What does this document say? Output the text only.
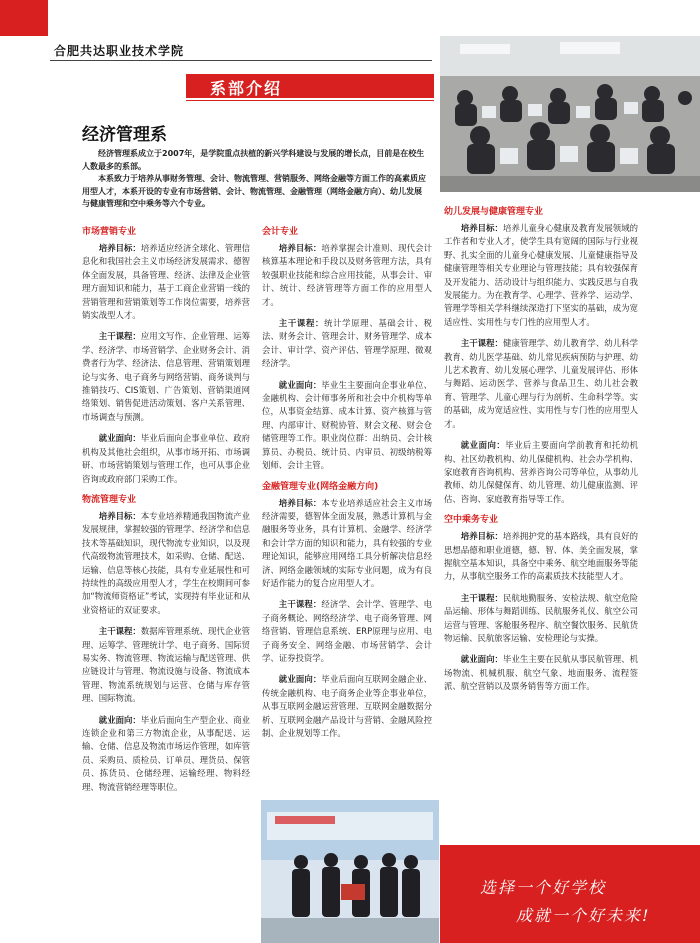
合肥共达职业技术学院
系部介绍
经济管理系

经济管理系成立于2007年，是学院重点扶植的新兴学科建设与发展的增长点，目前是在校生人数最多的系部。

本系致力于培养从事财务管理、会计、物流管理、营销服务、网络金融等方面工作的高素质应用型人才，本系开设的专业有市场营销、会计、物流管理、金融管理（网络金融方向）、幼儿发展与健康管理和空中乘务等六个专业。

市场营销专业

培养目标：培养适应经济全球化、管理信息化和我国社会主义市场经济发展需求、德智体全面发展，具备管理、经济、法律及企业管理方面知识和能力，基于工商企业营销一线的营销管理和营销策划等工作岗位需要，培养营销实战型人才。

主干课程：应用文写作、企业管理、运筹学、经济学、市场营销学、企业财务会计、消费者行为学、经济法、信息管理、营销策划理论与实务、电子商务与网络营销、商务谈判与推销技巧、CIS策划、广告策划、营销渠道网络策划、销售促进活动策划、客户关系管理、市场调查与预测。

就业面向：毕业后面向企事业单位、政府机构及其他社会组织，从事市场开拓、市场调研、市场营销策划与管理工作，也可从事企业咨询或政府部门采购工作。

物流管理专业

培养目标：本专业培养精通我国物流产业发展规律，掌握较强的管理学、经济学和信息技术等基础知识，现代物流专业知识，以及现代高级物流管理技术，如采购、仓储、配送、运输、信息等核心技能，具有专业延展性和可持续性的高级应用型人才，学生在校期间可参加“物流师资格证”考试，实现持有毕业证和从业资格证的双证要求。

主干课程：数据库管理系统、现代企业管理、运筹学、管理统计学、电子商务、国际贸易实务、物流管理、物流运输与配送管理、供应链设计与管理、物流设施与设备、物流成本管理、物流系统规划与运营、仓储与库存管理、国际物流。

就业面向：毕业后面向生产型企业、商业连锁企业和第三方物流企业，从事配送、运输、仓储、信息及物流市场运作管理，如库管员、采购员、质检员、订单员、理货员、保管员、拣货员、仓储经理、运输经理、物料经理、物流营销经理等职位。

会计专业

培养目标：培养掌握会计准则、现代会计核算基本理论和手段以及财务管理方法，具有较强职业技能和综合应用技能，从事会计、审计、统计、经济管理等方面工作的应用型人才。

主干课程：统计学原理、基础会计、税法、财务会计、管理会计、财务管理学、成本会计、审计学、资产评估、管理学原理、微观经济学。

就业面向：毕业生主要面向企事业单位、金融机构、会计师事务所和社会中介机构等单位，从事资金结算、成本计算、资产核算与管理、内部审计、财税协管、财会文秘、财会仓储管理等工作。职业岗位群：出纳员、会计核算员、办税员、统计员、内审员、初级纳税筹划师、会计主管。

金融管理专业(网络金融方向)

培养目标：本专业培养适应社会主义市场经济需要，德智体全面发展，熟悉计算机与金融服务等业务，具有计算机、金融学、经济学和会计学方面的知识和能力，具有较强的专业理论知识，能够应用网络工具分析解决信息经济、网络金融领域的实际专业问题，成为有良好适作能力的复合应用型人才。

主干课程：经济学、会计学、管理学、电子商务概论、网络经济学、电子商务管理、网络营销、管理信息系统、ERP原理与应用、电子商务安全、网络金融、市场营销学、会计学、证券投资学。

就业面向：毕业后面向互联网金融企业、传统金融机构、电子商务企业等企事业单位，从事互联网金融运营管理、互联网金融数据分析、互联网金融产品设计与营销、金融风险控制、企业规划等工作。

幼儿发展与健康管理专业

培养目标：培养儿童身心健康及教育发展领域的工作者和专业人才，使学生具有宽阔的国际与行业视野、扎实全面的儿童身心健康发展、儿童健康指导及健康管理等相关专业理论与管理技能；具有较强保育及开发能力、活动设计与组织能力、实践反思与自我发展能力。为在教育学、心理学、营养学、运动学、管理学等相关学科继续深造打下坚实的基础，成为宽适应性、实用性与专门性的应用型人才。

主干课程：健康管理学、幼儿教育学、幼儿科学教育、幼儿医学基础、幼儿常见疾病预防与护理、幼儿艺术教育、幼儿发展心理学、儿童发展评估、形体与舞蹈、运动医学、营养与食品卫生、幼儿社会教育、管理学、儿童心理与行为剖析、生命科学等。实的基础，成为宽适应性、实用性与专门性的应用型人才。

就业面向：毕业后主要面向学前教育和托幼机构、社区幼教机构、幼儿保健机构、社会办学机构、家庭教育咨询机构、营养咨询公司等单位，从事幼儿教师、幼儿保健保育、幼儿管理、幼儿健康监测、评估、咨询、家庭教育指导等工作。

空中乘务专业

培养目标：培养拥护党的基本路线，具有良好的思想品德和职业道德，德、智、体、美全面发展，掌握航空基本知识，具备空中乘务、航空地面服务等能力，从事航空服务工作的高素质技术技能型人才。

主干课程：民航地勤服务、安检法规、航空危险品运输、形体与舞蹈训练、民航服务礼仪、航空公司运营与管理、客舱服务程序、航空餐饮服务、民航货物运输、民航旅客运输、安检理论与实操。

就业面向：毕业生主要在民航从事民航管理、机场物流、机械机服、航空气象、地面服务、流程签派、航空营销以及票务销售等方面工作。

选择一个好学校
成就一个好未来!
